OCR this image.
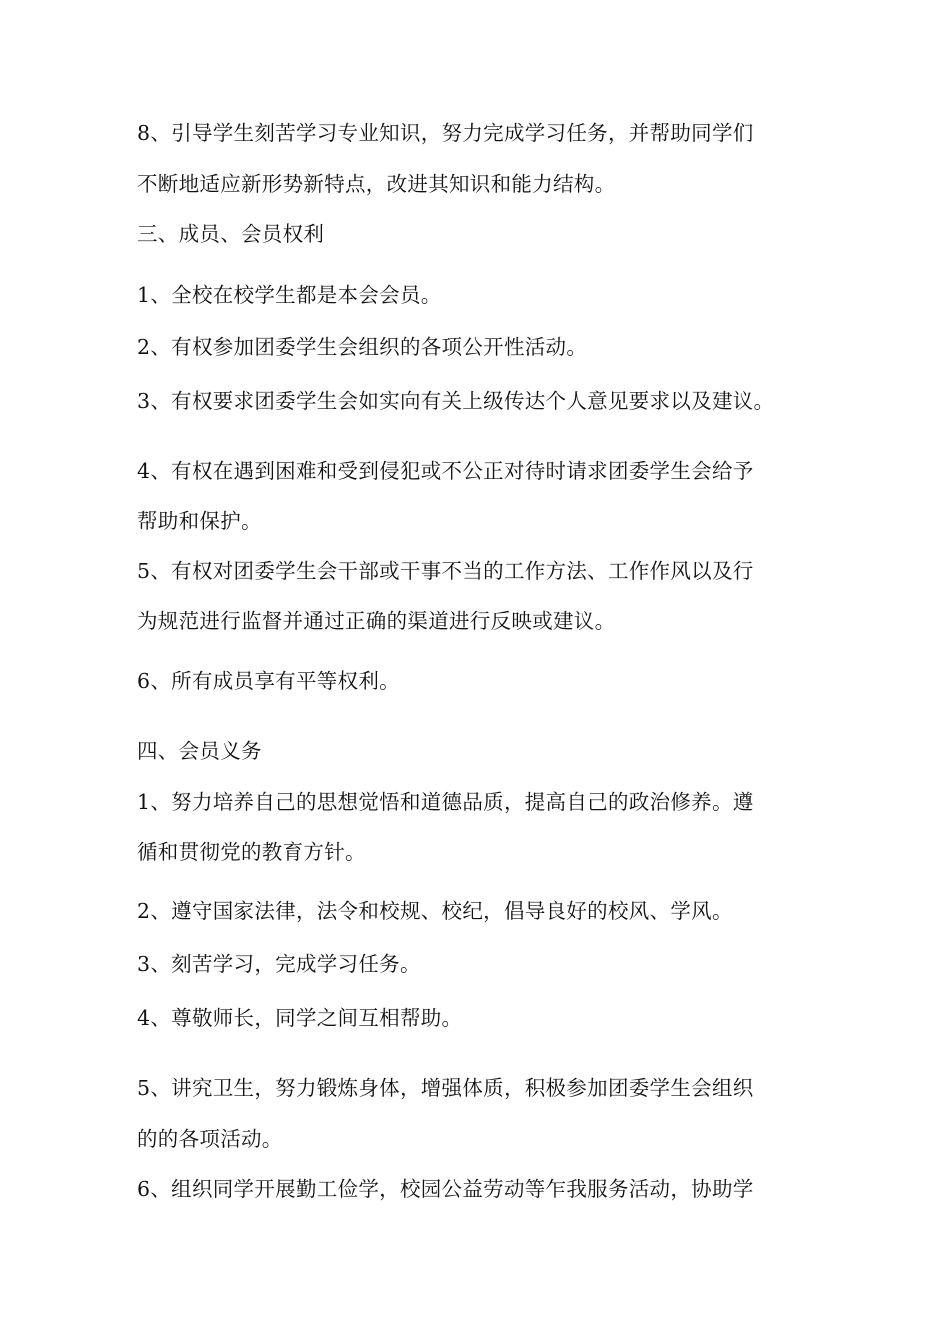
8、引导学生刻苦学习专业知识，努力完成学习任务，并帮助同学们
不断地适应新形势新特点，改进其知识和能力结构。
三、成员、会员权利
1、全校在校学生都是本会会员。
2、有权参加团委学生会组织的各项公开性活动。
3、有权要求团委学生会如实向有关上级传达个人意见要求以及建议。
4、有权在遇到困难和受到侵犯或不公正对待时请求团委学生会给予
帮助和保护。
5、有权对团委学生会干部或干事不当的工作方法、工作作风以及行
为规范进行监督并通过正确的渠道进行反映或建议。
6、所有成员享有平等权利。
四、会员义务
1、努力培养自己的思想觉悟和道德品质，提高自己的政治修养。遵
循和贯彻党的教育方针。
2、遵守国家法律，法令和校规、校纪，倡导良好的校风、学风。
3、刻苦学习，完成学习任务。
4、尊敬师长，同学之间互相帮助。
5、讲究卫生，努力锻炼身体，增强体质，积极参加团委学生会组织
的的各项活动。
6、组织同学开展勤工俭学，校园公益劳动等乍我服务活动，协助学
